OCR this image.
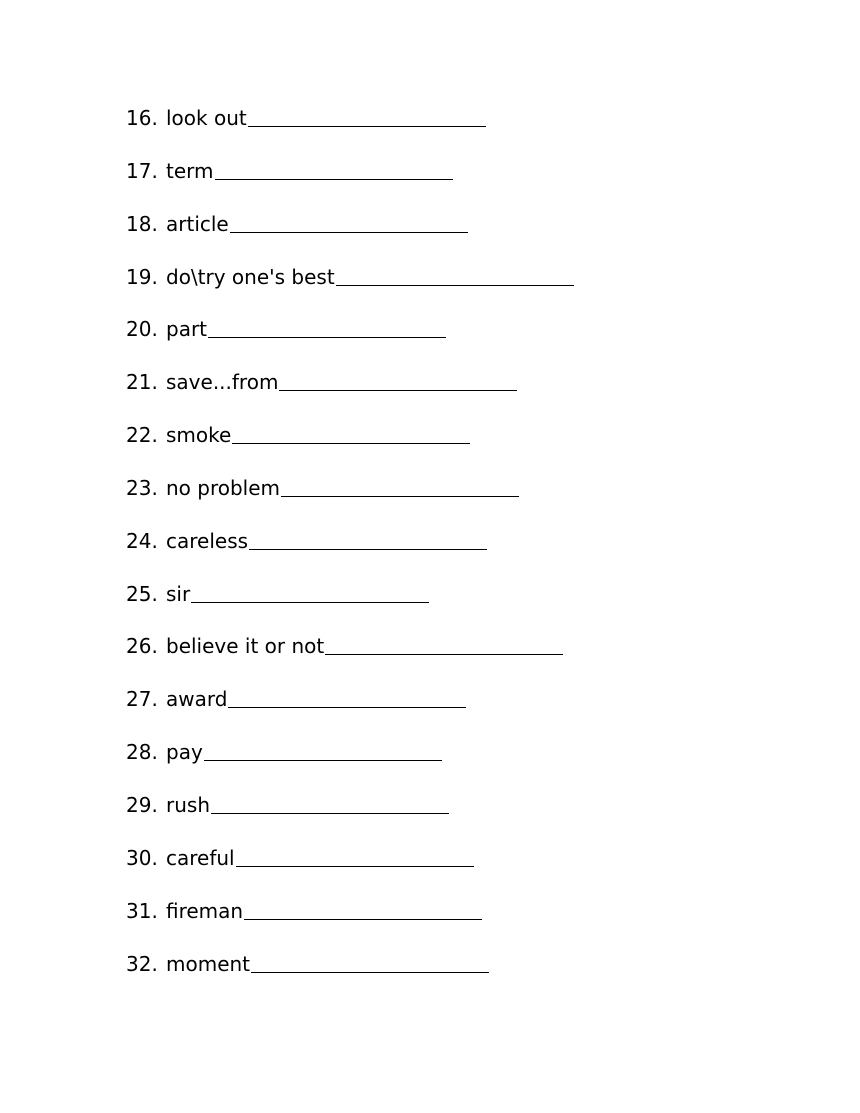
16. look out
17. term
18. article
19. do\try one's best
20. part
21. save...from
22. smoke
23. no problem
24. careless
25. sir
26. believe it or not
27. award
28. pay
29. rush
30. careful
31. fireman
32. moment
